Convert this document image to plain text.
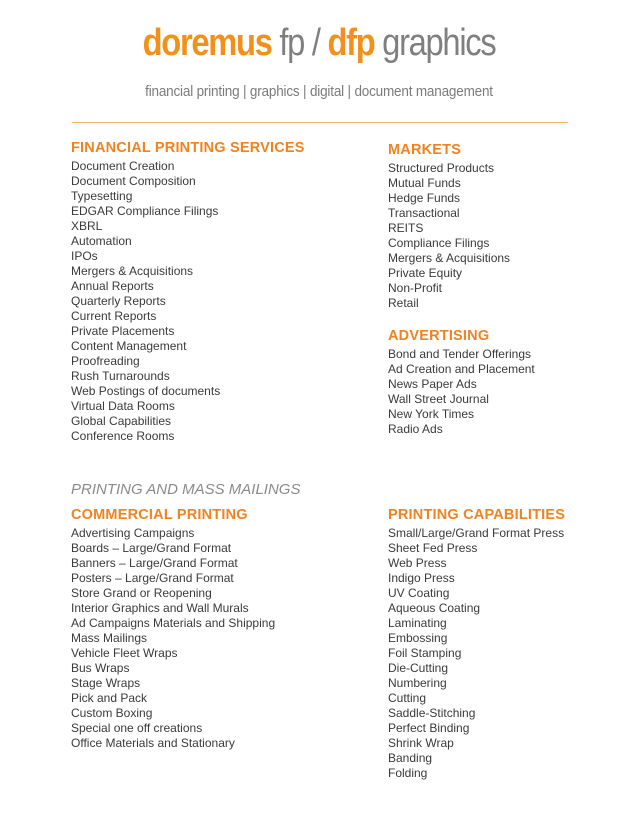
doremus fp / dfp graphics
financial printing | graphics | digital | document management
FINANCIAL PRINTING SERVICES
Document Creation
Document Composition
Typesetting
EDGAR Compliance Filings
XBRL
Automation
IPOs
Mergers & Acquisitions
Annual Reports
Quarterly Reports
Current Reports
Private Placements
Content Management
Proofreading
Rush Turnarounds
Web Postings of documents
Virtual Data Rooms
Global Capabilities
Conference Rooms
MARKETS
Structured Products
Mutual Funds
Hedge Funds
Transactional
REITS
Compliance Filings
Mergers & Acquisitions
Private Equity
Non-Profit
Retail
ADVERTISING
Bond and Tender Offerings
Ad Creation and Placement
News Paper Ads
Wall Street Journal
New York Times
Radio Ads
PRINTING AND MASS MAILINGS
COMMERCIAL PRINTING
Advertising Campaigns
Boards – Large/Grand Format
Banners – Large/Grand Format
Posters – Large/Grand Format
Store Grand or Reopening
Interior Graphics and Wall Murals
Ad Campaigns Materials and Shipping
Mass Mailings
Vehicle Fleet Wraps
Bus Wraps
Stage Wraps
Pick and Pack
Custom Boxing
Special one off creations
Office Materials and Stationary
PRINTING CAPABILITIES
Small/Large/Grand Format Press
Sheet Fed Press
Web Press
Indigo Press
UV Coating
Aqueous Coating
Laminating
Embossing
Foil Stamping
Die-Cutting
Numbering
Cutting
Saddle-Stitching
Perfect Binding
Shrink Wrap
Banding
Folding
